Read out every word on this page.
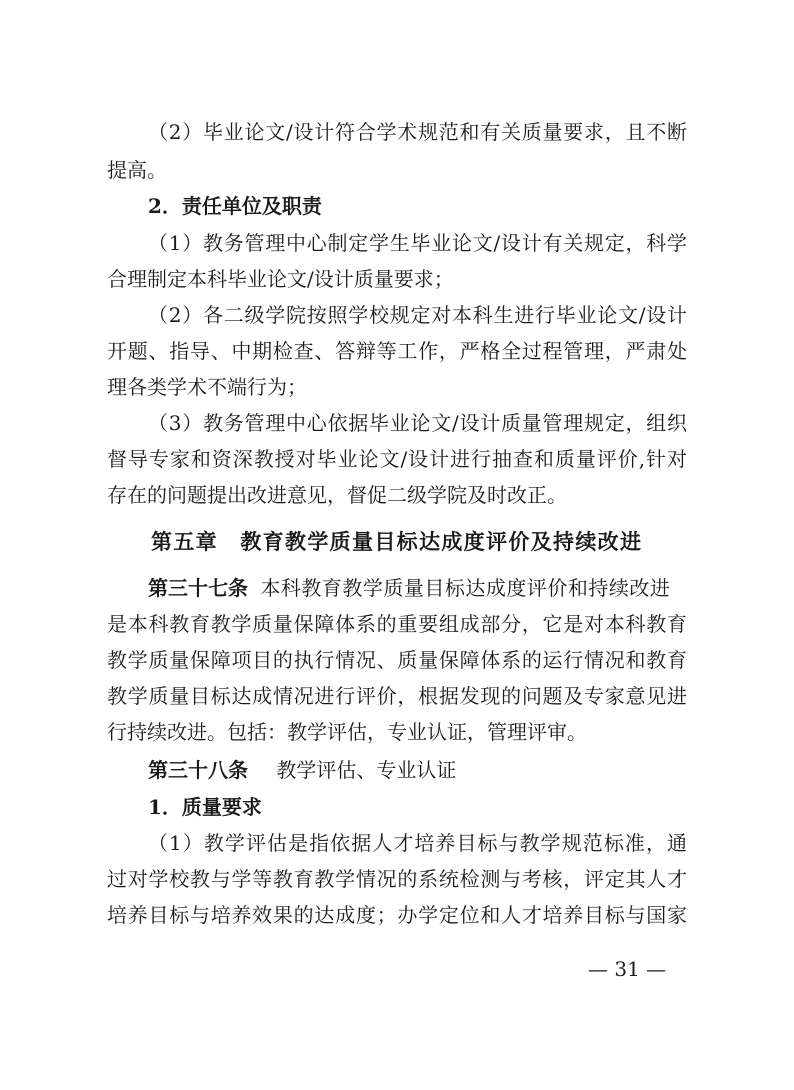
（2）毕业论文/设计符合学术规范和有关质量要求，且不断
提高。
2．责任单位及职责
（1）教务管理中心制定学生毕业论文/设计有关规定，科学
合理制定本科毕业论文/设计质量要求；
（2）各二级学院按照学校规定对本科生进行毕业论文/设计
开题、指导、中期检查、答辩等工作，严格全过程管理，严肃处
理各类学术不端行为；
（3）教务管理中心依据毕业论文/设计质量管理规定，组织
督导专家和资深教授对毕业论文/设计进行抽查和质量评价,针对
存在的问题提出改进意见，督促二级学院及时改正。
第五章　教育教学质量目标达成度评价及持续改进
第三十七条 本科教育教学质量目标达成度评价和持续改进
是本科教育教学质量保障体系的重要组成部分，它是对本科教育
教学质量保障项目的执行情况、质量保障体系的运行情况和教育
教学质量目标达成情况进行评价，根据发现的问题及专家意见进
行持续改进。包括：教学评估，专业认证，管理评审。
第三十八条 教学评估、专业认证
1．质量要求
（1）教学评估是指依据人才培养目标与教学规范标准，通
过对学校教与学等教育教学情况的系统检测与考核，评定其人才
培养目标与培养效果的达成度；办学定位和人才培养目标与国家
— 31 —
